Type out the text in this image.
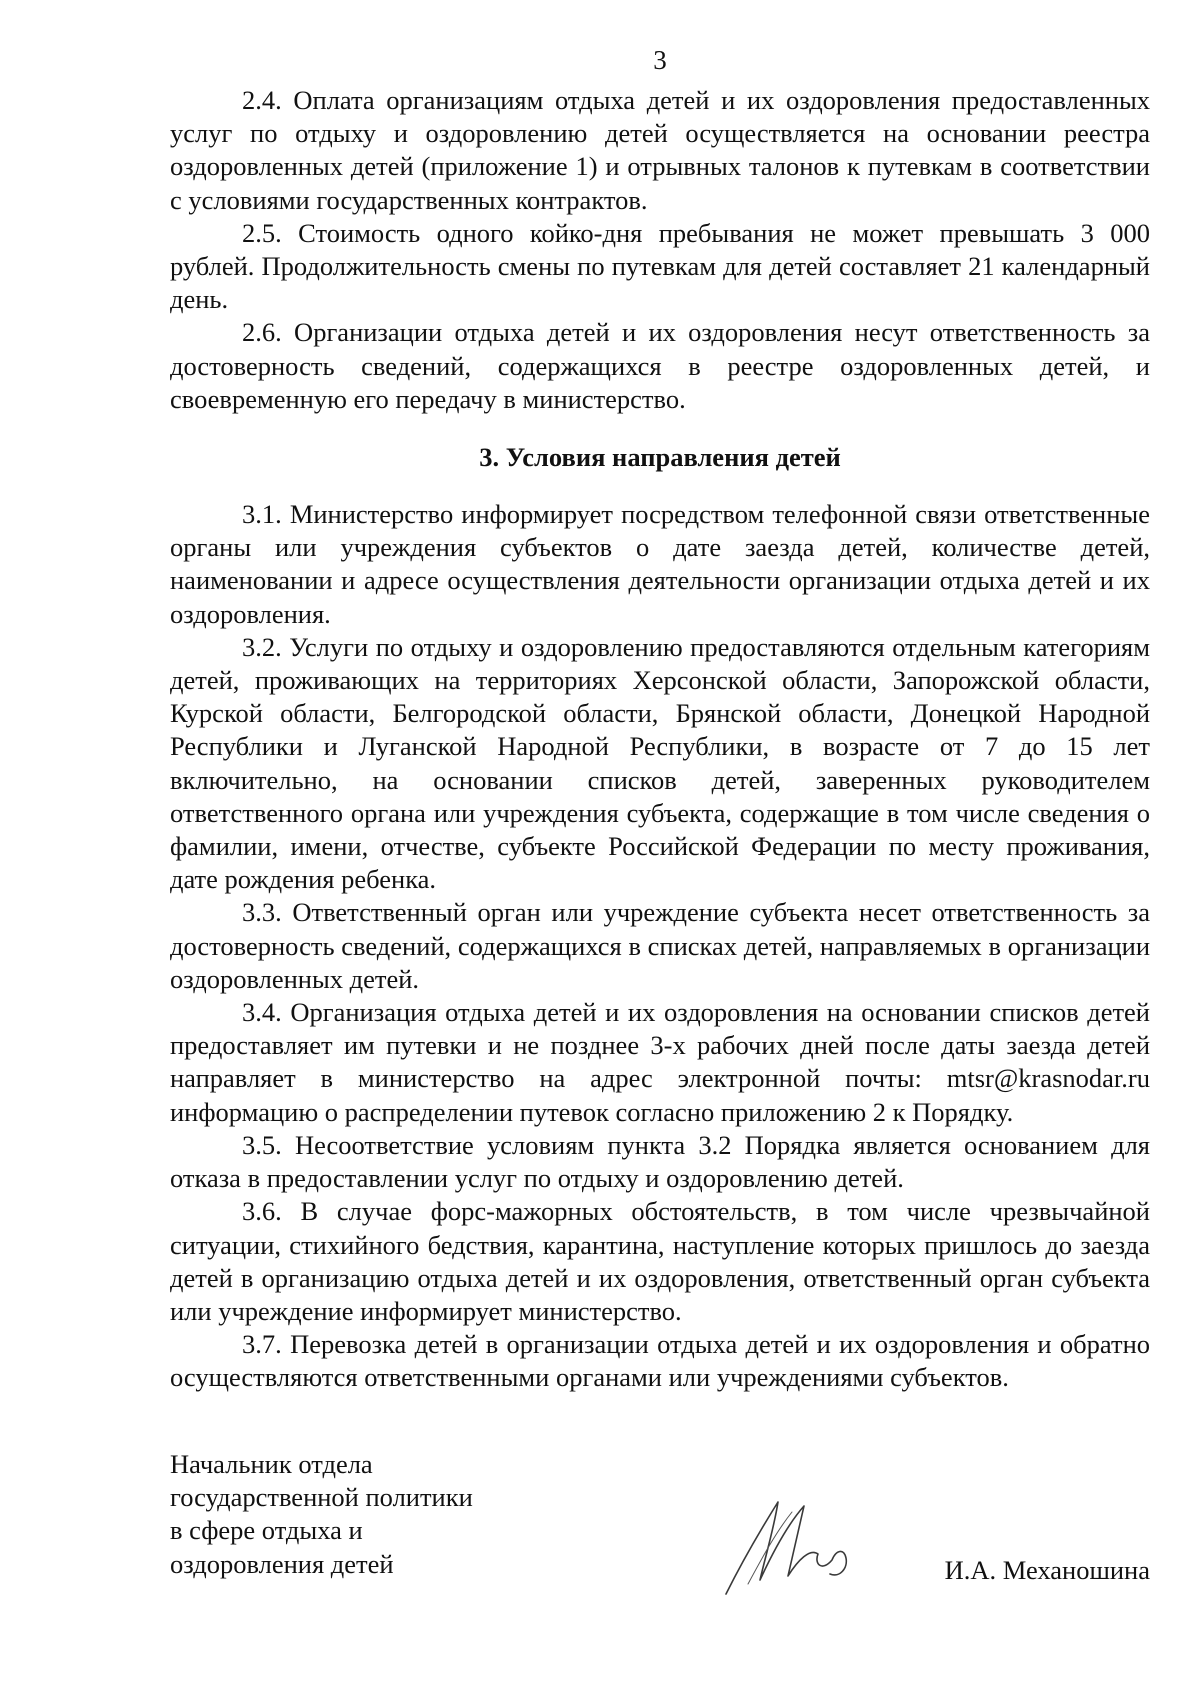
3

2.4. Оплата организациям отдыха детей и их оздоровления предоставленных услуг по отдыху и оздоровлению детей осуществляется на основании реестра оздоровленных детей (приложение 1) и отрывных талонов к путевкам в соответствии с условиями государственных контрактов.

2.5. Стоимость одного койко-дня пребывания не может превышать 3 000 рублей. Продолжительность смены по путевкам для детей составляет 21 календарный день.

2.6. Организации отдыха детей и их оздоровления несут ответственность за достоверность сведений, содержащихся в реестре оздоровленных детей, и своевременную его передачу в министерство.

3. Условия направления детей

3.1. Министерство информирует посредством телефонной связи ответственные органы или учреждения субъектов о дате заезда детей, количестве детей, наименовании и адресе осуществления деятельности организации отдыха детей и их оздоровления.

3.2. Услуги по отдыху и оздоровлению предоставляются отдельным категориям детей, проживающих на территориях Херсонской области, Запорожской области, Курской области, Белгородской области, Брянской области, Донецкой Народной Республики и Луганской Народной Республики, в возрасте от 7 до 15 лет включительно, на основании списков детей, заверенных руководителем ответственного органа или учреждения субъекта, содержащие в том числе сведения о фамилии, имени, отчестве, субъекте Российской Федерации по месту проживания, дате рождения ребенка.

3.3. Ответственный орган или учреждение субъекта несет ответственность за достоверность сведений, содержащихся в списках детей, направляемых в организации оздоровленных детей.

3.4. Организация отдыха детей и их оздоровления на основании списков детей предоставляет им путевки и не позднее 3-х рабочих дней после даты заезда детей направляет в министерство на адрес электронной почты: mtsr@krasnodar.ru информацию о распределении путевок согласно приложению 2 к Порядку.

3.5. Несоответствие условиям пункта 3.2 Порядка является основанием для отказа в предоставлении услуг по отдыху и оздоровлению детей.

3.6. В случае форс-мажорных обстоятельств, в том числе чрезвычайной ситуации, стихийного бедствия, карантина, наступление которых пришлось до заезда детей в организацию отдыха детей и их оздоровления, ответственный орган субъекта или учреждение информирует министерство.

3.7. Перевозка детей в организации отдыха детей и их оздоровления и обратно осуществляются ответственными органами или учреждениями субъектов.

Начальник отдела
государственной политики
в сфере отдыха и
оздоровления детей	И.А. Механошина
